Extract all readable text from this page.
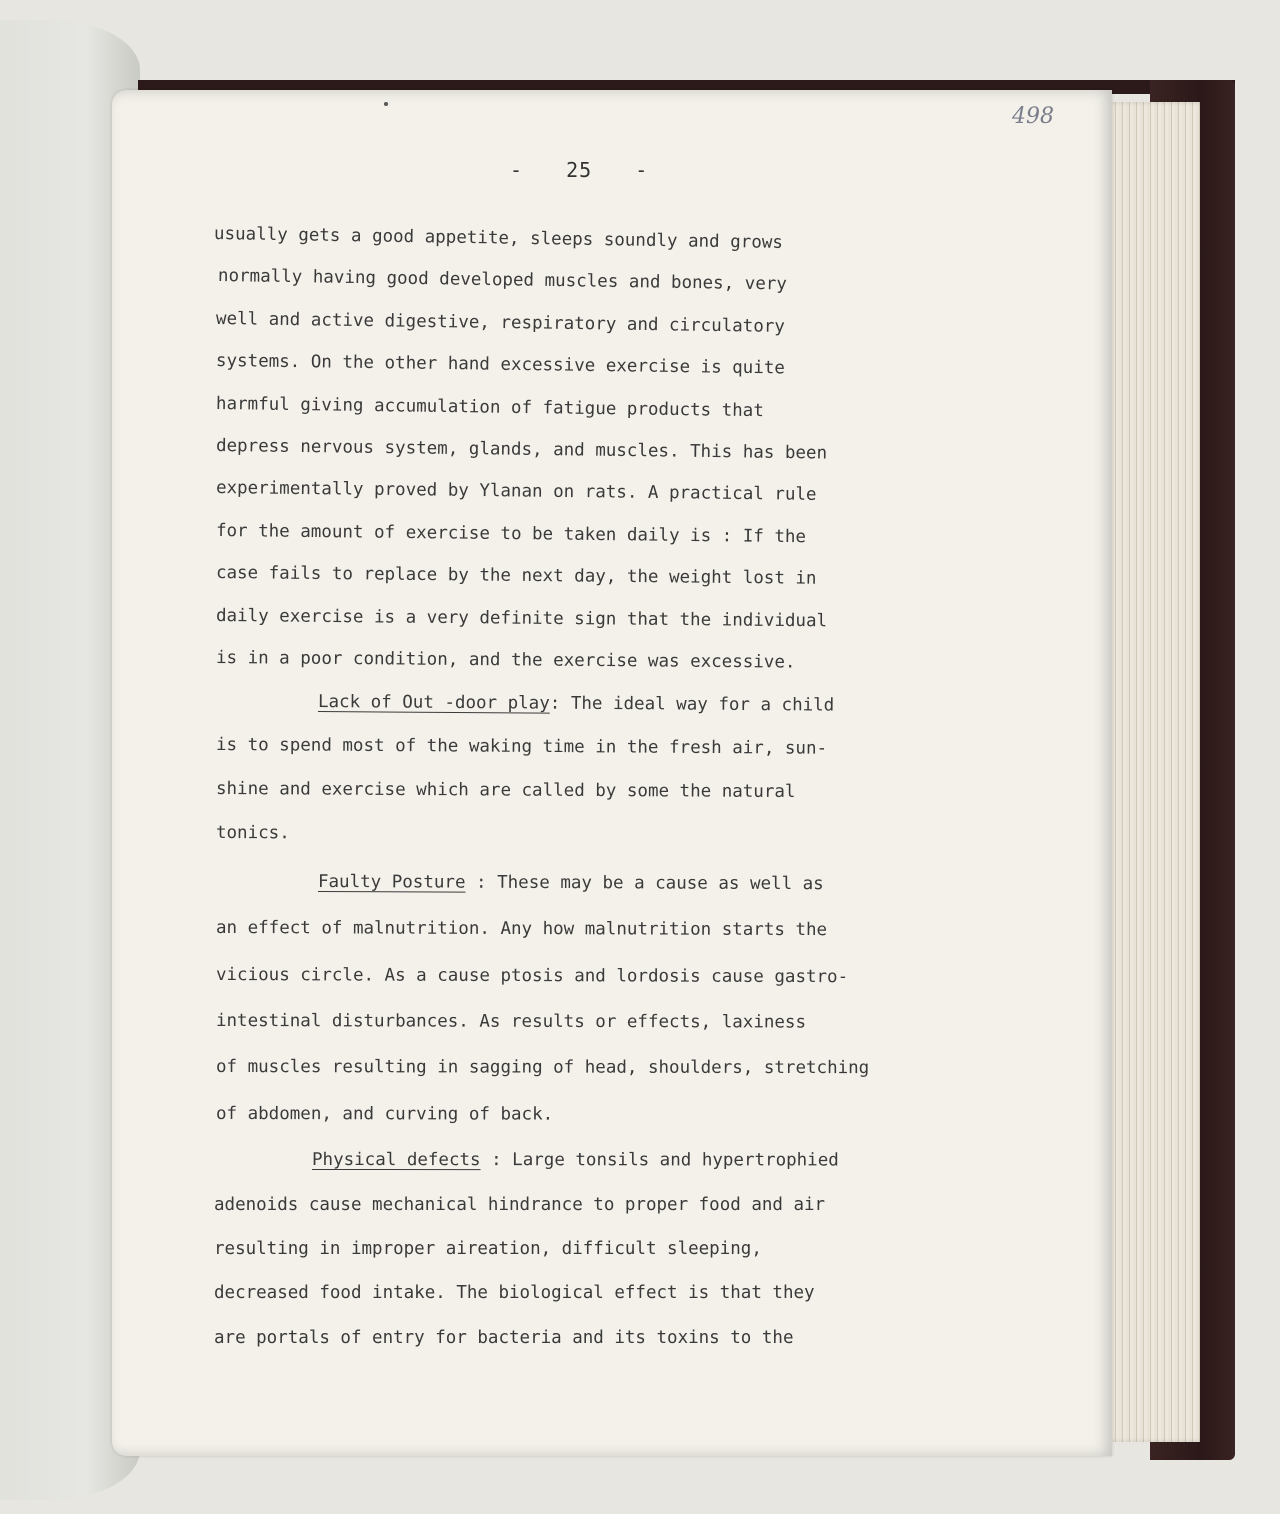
498
- 25 -
usually gets a good appetite, sleeps soundly and grows
normally having good developed muscles and bones, very
well and active digestive, respiratory and circulatory
systems. On the other hand excessive exercise is quite
harmful giving accumulation of fatigue products that
depress nervous system, glands, and muscles. This has been
experimentally proved by Ylanan on rats. A practical rule
for the amount of exercise to be taken daily is : If the
case fails to replace by the next day, the weight lost in
daily exercise is a very definite sign that the individual
is in a poor condition, and the exercise was excessive.
Lack of Out -door play: The ideal way for a child
is to spend most of the waking time in the fresh air, sun-
shine and exercise which are called by some the natural
tonics.
Faulty Posture : These may be a cause as well as
an effect of malnutrition. Any how malnutrition starts the
vicious circle. As a cause ptosis and lordosis cause gastro-
intestinal disturbances. As results or effects, laxiness
of muscles resulting in sagging of head, shoulders, stretching
of abdomen, and curving of back.
Physical defects : Large tonsils and hypertrophied
adenoids cause mechanical hindrance to proper food and air
resulting in improper aireation, difficult sleeping,
decreased food intake. The biological effect is that they
are portals of entry for bacteria and its toxins to the
